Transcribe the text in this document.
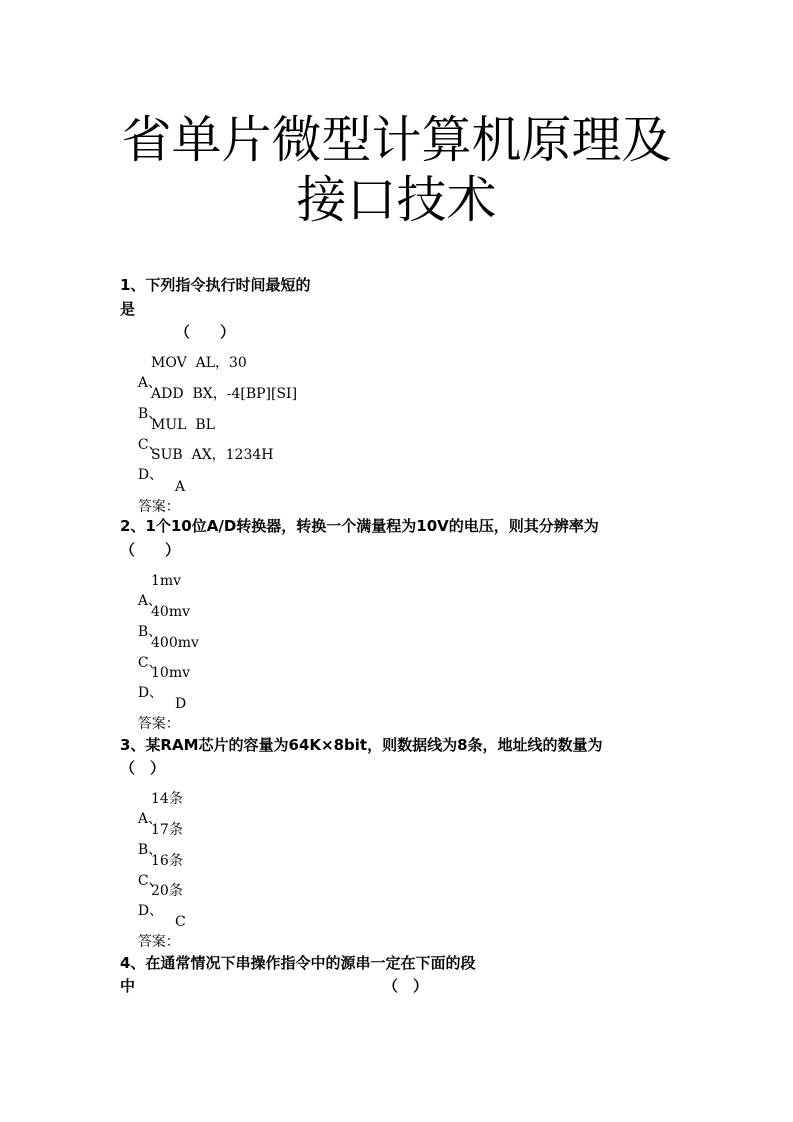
省单片微型计算机原理及
接口技术
1、下列指令执行时间最短的
是
（　　）

A、

MOV  AL，30

B、

ADD  BX，-4[BP][SI]

C、

MUL  BL

D、

SUB  AX，1234H

答案：

A

2、1个10位A/D转换器，转换一个满量程为10V的电压，则其分辨率为
（　　）

A、

1mv

B、

40mv

C、

400mv

D、

10mv

答案：

D

3、某RAM芯片的容量为64K×8bit，则数据线为8条，地址线的数量为
（　）

A、

14条

B、

17条

C、

16条

D、

20条

答案：

C

4、在通常情况下串操作指令中的源串一定在下面的段
中	（　）
